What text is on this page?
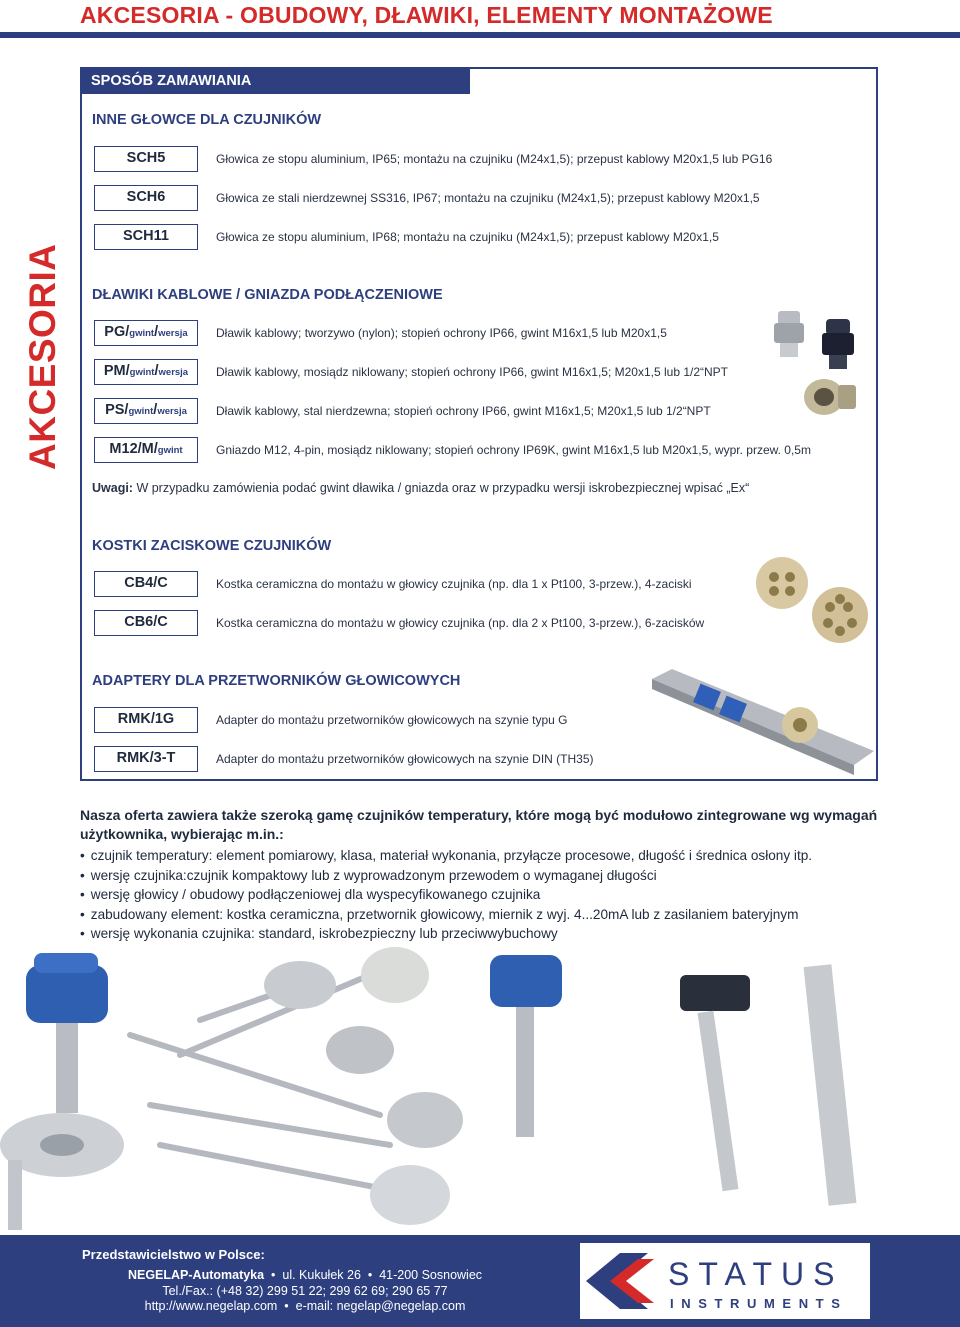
AKCESORIA - OBUDOWY, DŁAWIKI, ELEMENTY MONTAŻOWE
AKCESORIA
SPOSÓB ZAMAWIANIA
INNE GŁOWCE DLA CZUJNIKÓW
SCH5	Głowica ze stopu aluminium, IP65; montażu na czujniku (M24x1,5); przepust kablowy M20x1,5 lub PG16
SCH6	Głowica ze stali nierdzewnej SS316, IP67; montażu na czujniku (M24x1,5); przepust kablowy M20x1,5
SCH11	Głowica ze stopu aluminium, IP68; montażu na czujniku (M24x1,5); przepust kablowy M20x1,5
DŁAWIKI KABLOWE / GNIAZDA PODŁĄCZENIOWE
PG/gwint/wersja	Dławik kablowy; tworzywo (nylon); stopień ochrony IP66, gwint M16x1,5 lub M20x1,5
PM/gwint/wersja	Dławik kablowy, mosiądz niklowany; stopień ochrony IP66, gwint M16x1,5; M20x1,5 lub 1/2“NPT
PS/gwint/wersja	Dławik kablowy, stal nierdzewna; stopień ochrony IP66, gwint M16x1,5; M20x1,5 lub 1/2“NPT
M12/M/gwint	Gniazdo M12, 4-pin, mosiądz niklowany; stopień ochrony IP69K, gwint M16x1,5 lub M20x1,5, wypr. przew. 0,5m
Uwagi: W przypadku zamówienia podać gwint dławika / gniazda oraz w przypadku wersji iskrobezpiecznej wpisać „Ex“
KOSTKI ZACISKOWE CZUJNIKÓW
CB4/C	Kostka ceramiczna do montażu w głowicy czujnika (np. dla 1 x Pt100, 3-przew.), 4-zaciski
CB6/C	Kostka ceramiczna do montażu w głowicy czujnika (np. dla 2 x Pt100, 3-przew.), 6-zacisków
ADAPTERY DLA PRZETWORNIKÓW GŁOWICOWYCH
RMK/1G	Adapter do montażu przetworników głowicowych na szynie typu G
RMK/3-T	Adapter do montażu przetworników głowicowych na szynie DIN (TH35)
Nasza oferta zawiera także szeroką gamę czujników temperatury, które mogą być modułowo zintegrowane wg wymagań użytkownika, wybierając m.in.:
• czujnik temperatury: element pomiarowy, klasa, materiał wykonania, przyłącze procesowe, długość i średnica osłony itp.
• wersję czujnika:czujnik kompaktowy lub z wyprowadzonym przewodem o wymaganej długości
• wersję głowicy / obudowy podłączeniowej dla wyspecyfikowanego czujnika
• zabudowany element: kostka ceramiczna, przetwornik głowicowy, miernik z wyj. 4...20mA lub z zasilaniem bateryjnym
• wersję wykonania czujnika: standard, iskrobezpieczny lub przeciwwybuchowy
Przedstawicielstwo w Polsce:
NEGELAP-Automatyka  •  ul. Kukułek 26  •  41-200 Sosnowiec
Tel./Fax.: (+48 32) 299 51 22; 299 62 69; 290 65 77
http://www.negelap.com  •  e-mail: negelap@negelap.com
STATUS
INSTRUMENTS
